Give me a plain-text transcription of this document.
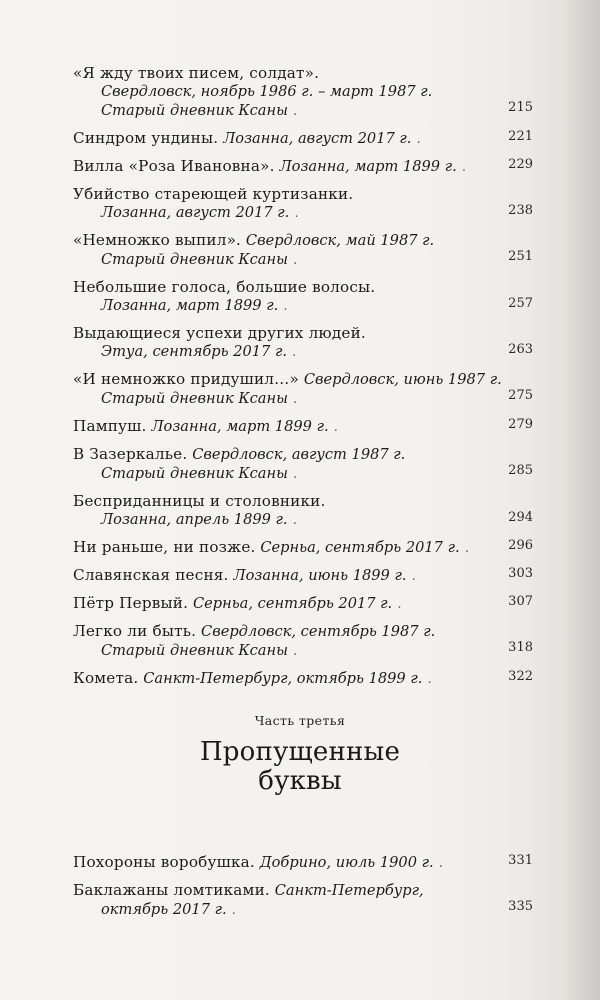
«Я жду твоих писем, солдат».
Свердловск, ноябрь 1986 г. – март 1987 г.
Старый дневник Ксаны .	215
Синдром ундины. Лозанна, август 2017 г. .	221
Вилла «Роза Ивановна». Лозанна, март 1899 г. .	229
Убийство стареющей куртизанки.
Лозанна, август 2017 г. .	238
«Немножко выпил». Свердловск, май 1987 г.
Старый дневник Ксаны .	251
Небольшие голоса, большие волосы.
Лозанна, март 1899 г. .	257
Выдающиеся успехи других людей.
Этуа, сентябрь 2017 г. .	263
«И немножко придушил…» Свердловск, июнь 1987 г.
Старый дневник Ксаны .	275
Пампуш. Лозанна, март 1899 г. .	279
В Зазеркалье. Свердловск, август 1987 г.
Старый дневник Ксаны .	285
Бесприданницы и столовники.
Лозанна, апрель 1899 г. .	294
Ни раньше, ни позже. Серньа, сентябрь 2017 г. .	296
Славянская песня. Лозанна, июнь 1899 г. .	303
Пётр Первый. Серньа, сентябрь 2017 г. .	307
Легко ли быть. Свердловск, сентябрь 1987 г.
Старый дневник Ксаны .	318
Комета. Санкт-Петербург, октябрь 1899 г. .	322
Часть третья
Пропущенные
буквы
Похороны воробушка. Добрино, июль 1900 г. .	331
Баклажаны ломтиками. Санкт-Петербург,
октябрь 2017 г. .	335
